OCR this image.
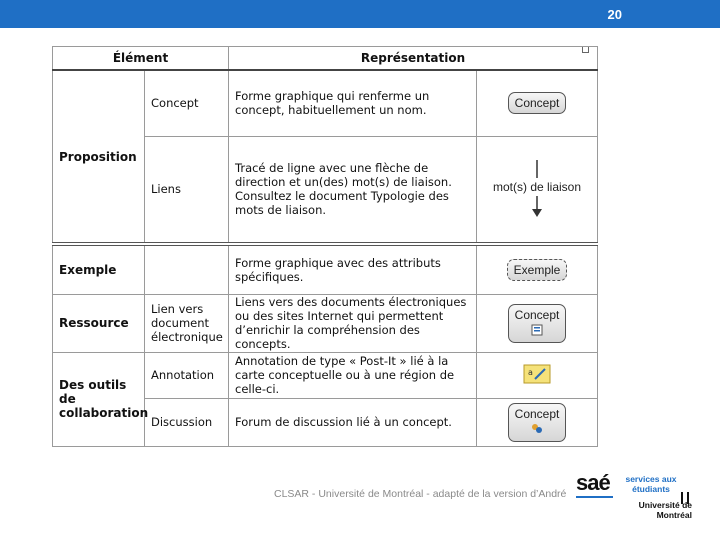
20
Élément		Représentation	
Proposition	Concept	Forme graphique qui renferme un concept, habituellement un nom.	Concept

	Liens	Tracé de ligne avec une flèche de direction et un(des) mot(s) de liaison. Consultez le document Typologie des mots de liaison.	mot(s) de liaison

Exemple		Forme graphique avec des attributs spécifiques.	Exemple

Ressource	Lien vers document électronique	Liens vers des documents électroniques ou des sites Internet qui permettent d’enrichir la compréhension des concepts.	Concept

Des outils de collaboration	Annotation	Annotation de type « Post-It » lié à la carte conceptuelle ou à une région de celle-ci.	a

	Discussion	Forum de discussion lié à un concept.	Concept
CLSAR - Université de Montréal - adapté de la version d’André saé	services aux étudiants
Université de Montréal
